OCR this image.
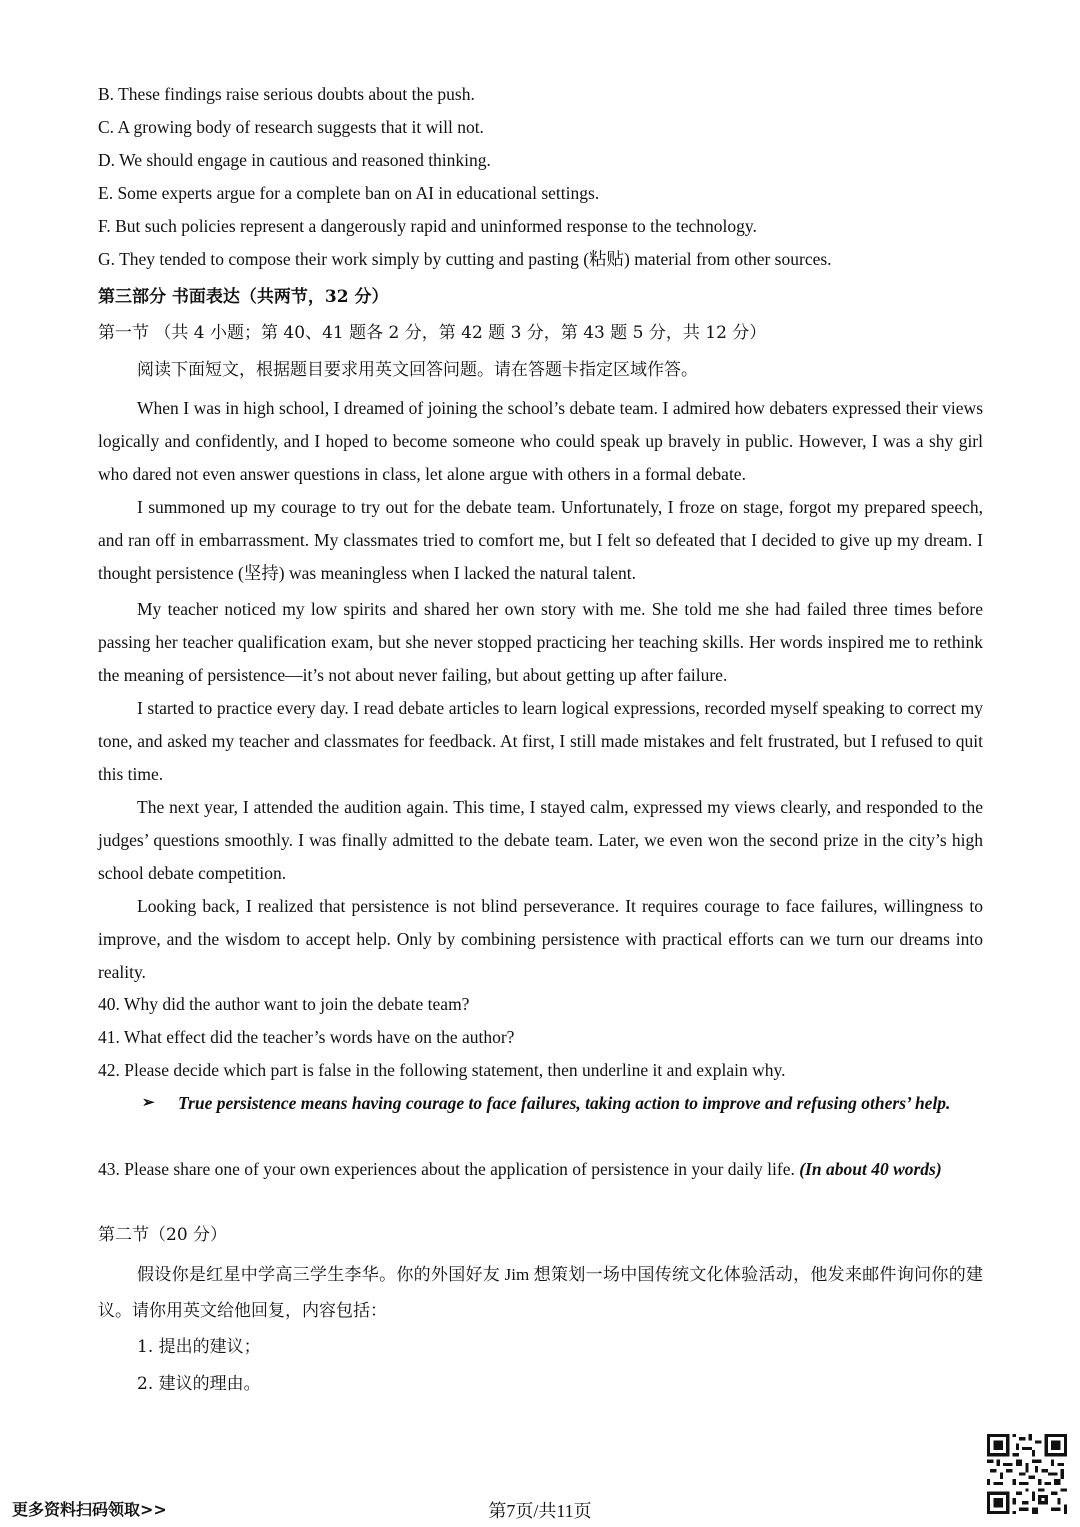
B. These findings raise serious doubts about the push.
C. A growing body of research suggests that it will not.
D. We should engage in cautious and reasoned thinking.
E. Some experts argue for a complete ban on AI in educational settings.
F. But such policies represent a dangerously rapid and uninformed response to the technology.
G. They tended to compose their work simply by cutting and pasting (粘贴) material from other sources.
第三部分 书面表达（共两节，32 分）
第一节 （共 4 小题；第 40、41 题各 2 分，第 42 题 3 分，第 43 题 5 分，共 12 分）
阅读下面短文，根据题目要求用英文回答问题。请在答题卡指定区域作答。

When I was in high school, I dreamed of joining the school’s debate team. I admired how debaters expressed their views logically and confidently, and I hoped to become someone who could speak up bravely in public. However, I was a shy girl who dared not even answer questions in class, let alone argue with others in a formal debate.

I summoned up my courage to try out for the debate team. Unfortunately, I froze on stage, forgot my prepared speech, and ran off in embarrassment. My classmates tried to comfort me, but I felt so defeated that I decided to give up my dream. I thought persistence (坚持) was meaningless when I lacked the natural talent.

My teacher noticed my low spirits and shared her own story with me. She told me she had failed three times before passing her teacher qualification exam, but she never stopped practicing her teaching skills. Her words inspired me to rethink the meaning of persistence—it’s not about never failing, but about getting up after failure.

I started to practice every day. I read debate articles to learn logical expressions, recorded myself speaking to correct my tone, and asked my teacher and classmates for feedback. At first, I still made mistakes and felt frustrated, but I refused to quit this time.

The next year, I attended the audition again. This time, I stayed calm, expressed my views clearly, and responded to the judges’ questions smoothly. I was finally admitted to the debate team. Later, we even won the second prize in the city’s high school debate competition.

Looking back, I realized that persistence is not blind perseverance. It requires courage to face failures, willingness to improve, and the wisdom to accept help. Only by combining persistence with practical efforts can we turn our dreams into reality.

40. Why did the author want to join the debate team?
41. What effect did the teacher’s words have on the author?
42. Please decide which part is false in the following statement, then underline it and explain why.
➢	True persistence means having courage to face failures, taking action to improve and refusing others’ help.
43. Please share one of your own experiences about the application of persistence in your daily life. (In about 40 words)
第二节（20 分）

假设你是红星中学高三学生李华。你的外国好友 Jim 想策划一场中国传统文化体验活动，他发来邮件询问你的建议。请你用英文给他回复，内容包括：

1. 提出的建议；
2. 建议的理由。
更多资料扫码领取>>	第7页/共11页
